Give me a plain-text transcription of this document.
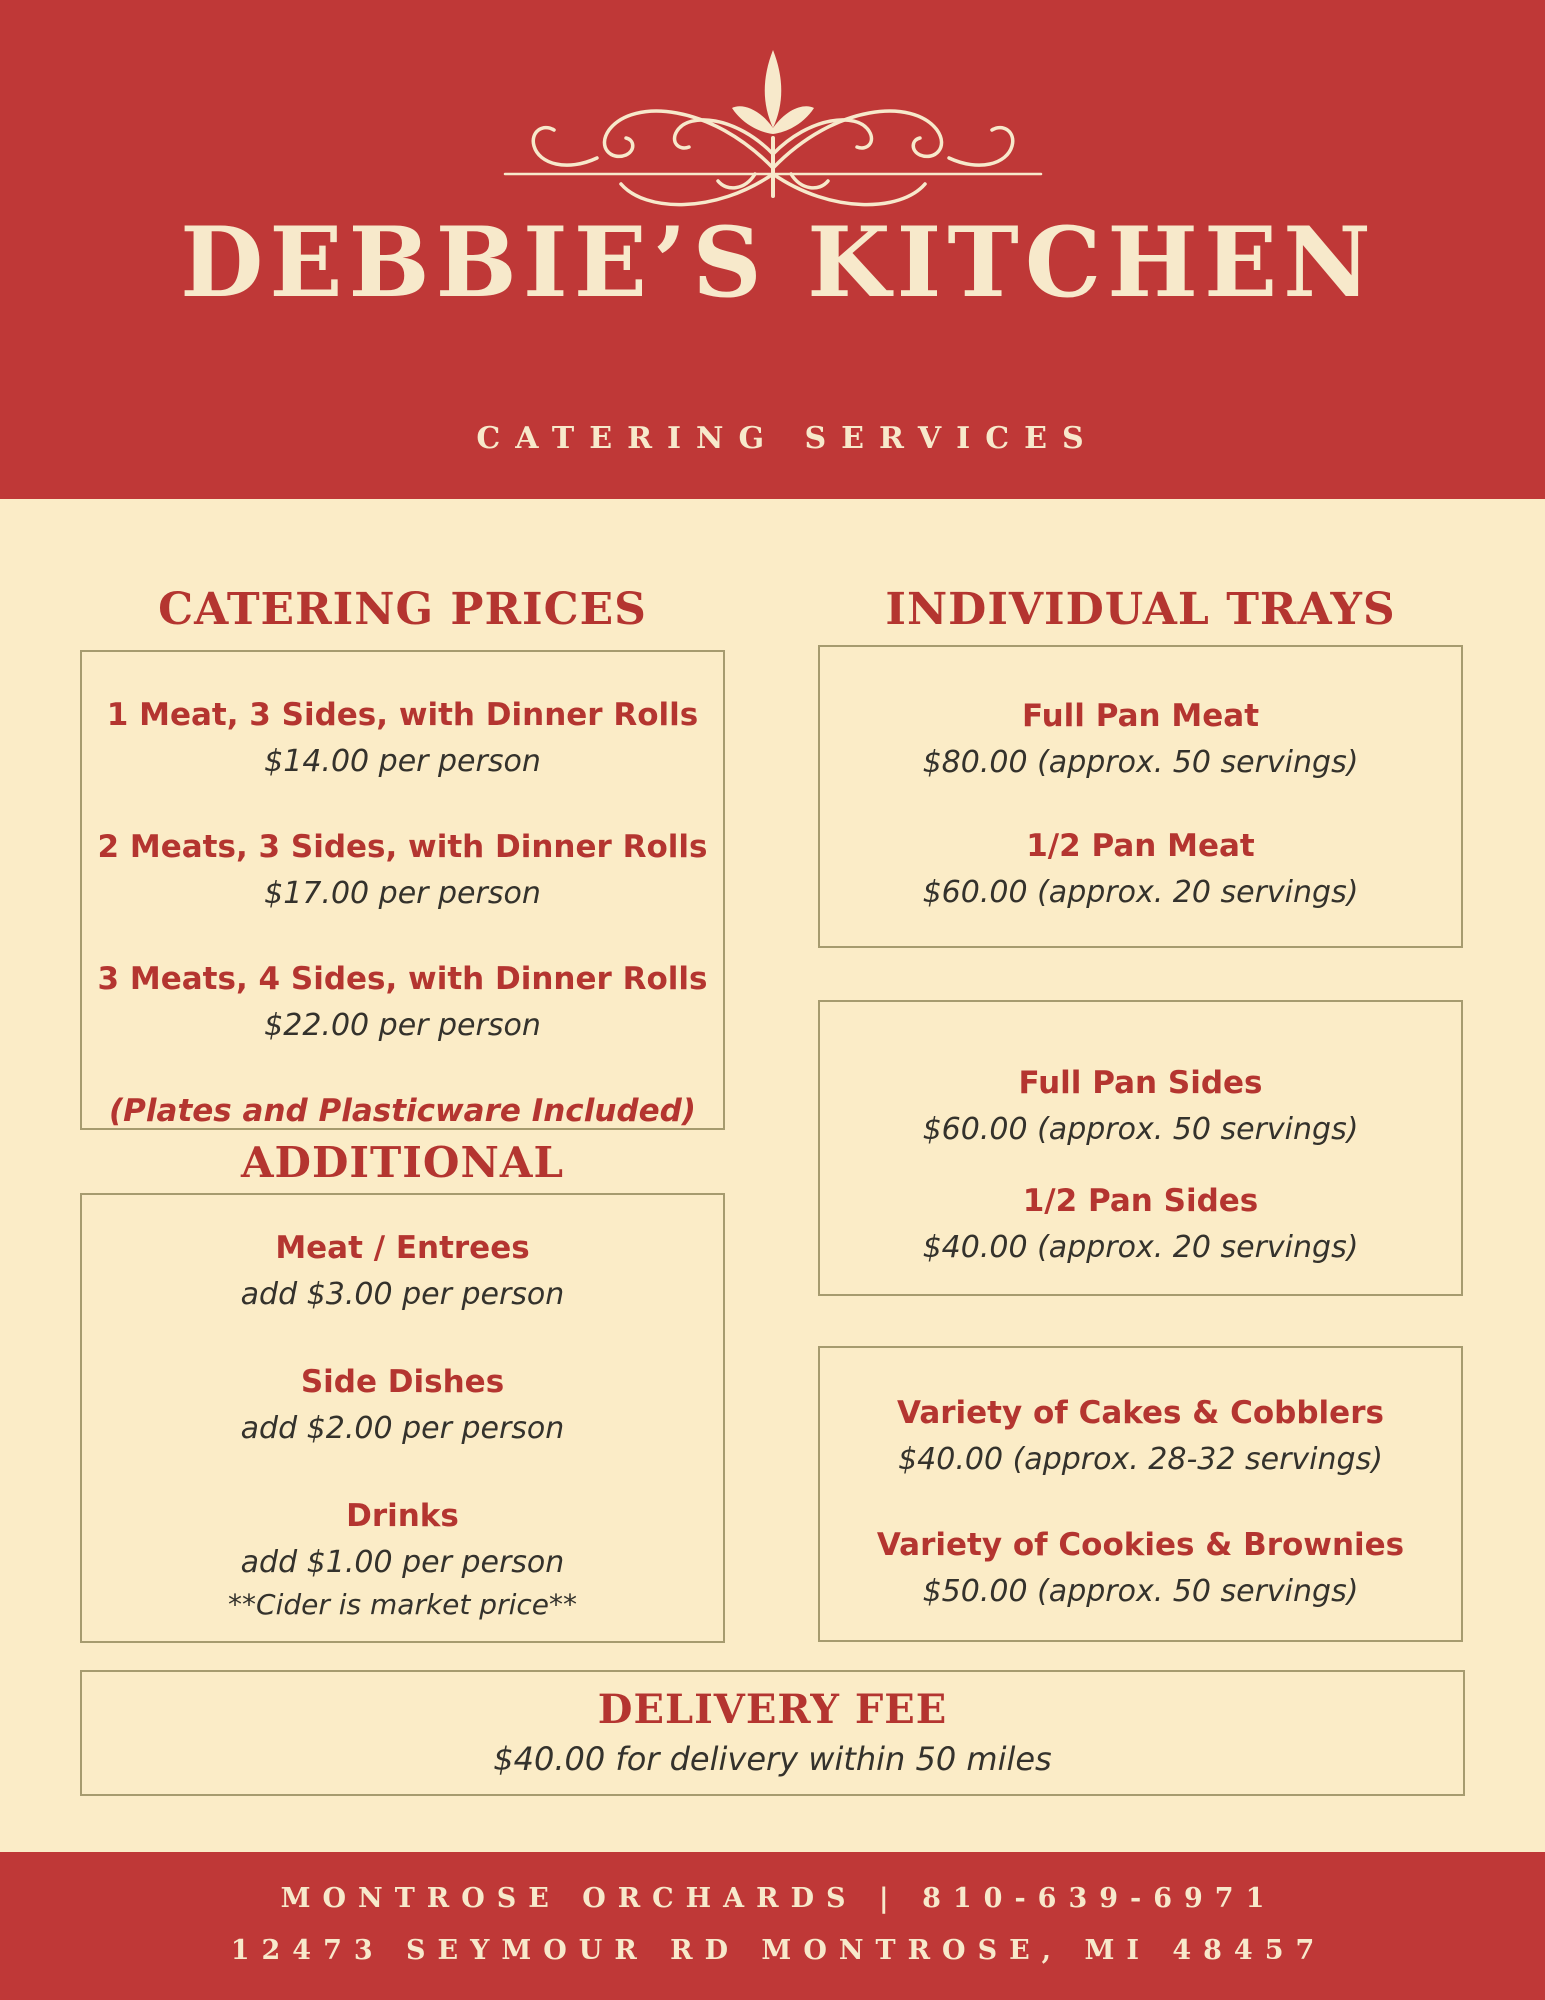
DEBBIE’S KITCHEN
CATERING SERVICES
CATERING PRICES	INDIVIDUAL TRAYS
1 Meat, 3 Sides, with Dinner Rolls
$14.00 per person
2 Meats, 3 Sides, with Dinner Rolls
$17.00 per person
3 Meats, 4 Sides, with Dinner Rolls
$22.00 per person
(Plates and Plasticware Included)
ADDITIONAL
Meat / Entrees
add $3.00 per person
Side Dishes
add $2.00 per person
Drinks
add $1.00 per person
**Cider is market price**
Full Pan Meat
$80.00 (approx. 50 servings)
1/2 Pan Meat
$60.00 (approx. 20 servings)
Full Pan Sides
$60.00 (approx. 50 servings)
1/2 Pan Sides
$40.00 (approx. 20 servings)
Variety of Cakes & Cobblers
$40.00 (approx. 28-32 servings)
Variety of Cookies & Brownies
$50.00 (approx. 50 servings)
DELIVERY FEE
$40.00 for delivery within 50 miles
MONTROSE ORCHARDS | 810-639-6971
12473 SEYMOUR RD MONTROSE, MI 48457
